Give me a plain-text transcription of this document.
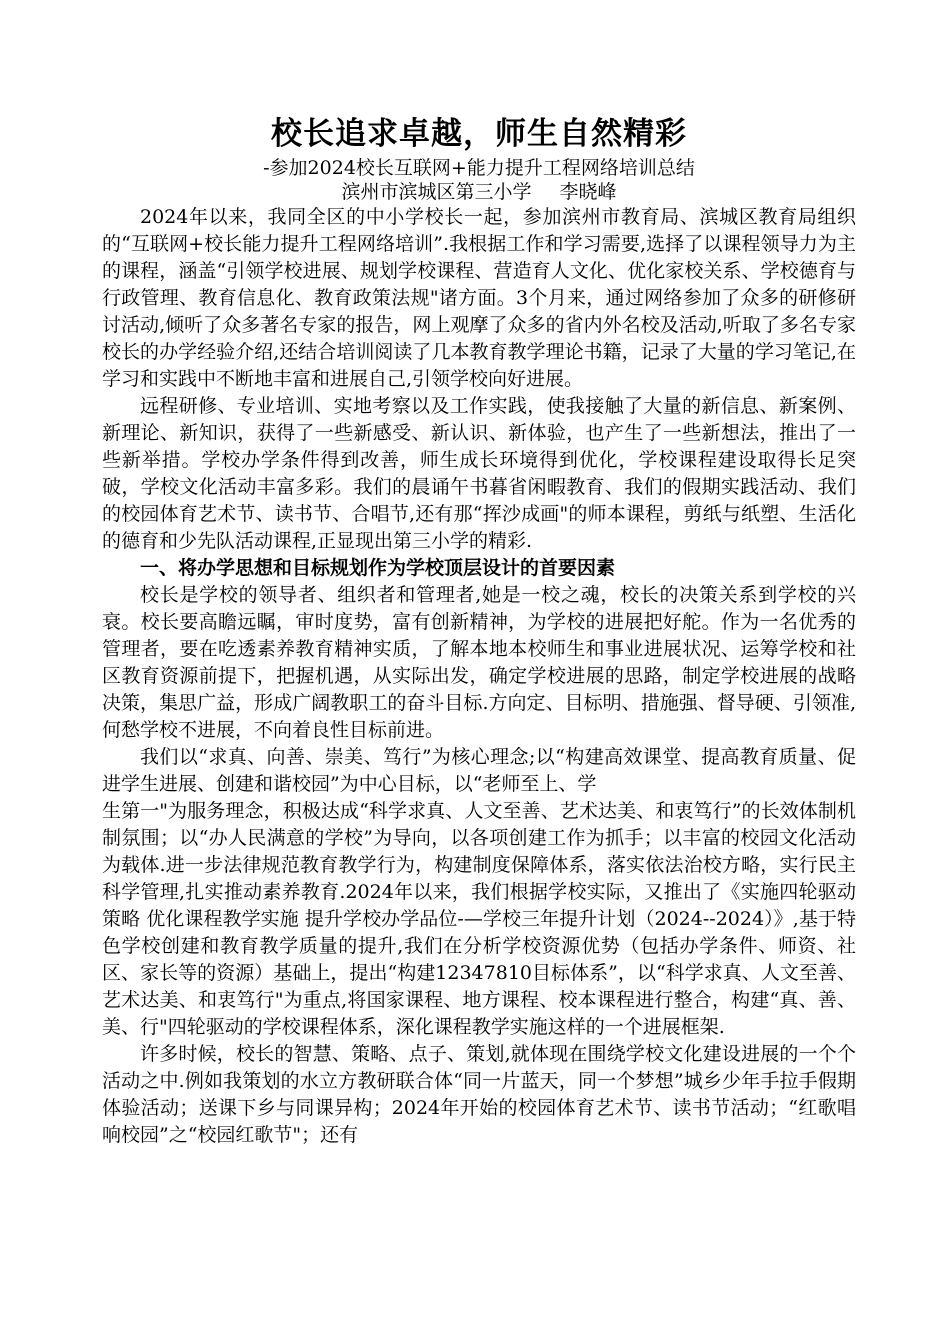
校长追求卓越，师生自然精彩

-参加2024校长互联网+能力提升工程网络培训总结

滨州市滨城区第三小学 李晓峰

2024年以来，我同全区的中小学校长一起，参加滨州市教育局、滨城区教育局组织的“互联网+校长能力提升工程网络培训”.我根据工作和学习需要,选择了以课程领导力为主的课程，涵盖“引领学校进展、规划学校课程、营造育人文化、优化家校关系、学校德育与行政管理、教育信息化、教育政策法规"诸方面。3个月来，通过网络参加了众多的研修研讨活动,倾听了众多著名专家的报告，网上观摩了众多的省内外名校及活动,听取了多名专家校长的办学经验介绍,还结合培训阅读了几本教育教学理论书籍，记录了大量的学习笔记,在学习和实践中不断地丰富和进展自己,引领学校向好进展。

远程研修、专业培训、实地考察以及工作实践，使我接触了大量的新信息、新案例、新理论、新知识，获得了一些新感受、新认识、新体验，也产生了一些新想法，推出了一些新举措。学校办学条件得到改善，师生成长环境得到优化，学校课程建设取得长足突破，学校文化活动丰富多彩。我们的晨诵午书暮省闲暇教育、我们的假期实践活动、我们的校园体育艺术节、读书节、合唱节,还有那“挥沙成画"的师本课程，剪纸与纸塑、生活化的德育和少先队活动课程,正显现出第三小学的精彩.

一、将办学思想和目标规划作为学校顶层设计的首要因素

校长是学校的领导者、组织者和管理者,她是一校之魂，校长的决策关系到学校的兴衰。校长要高瞻远瞩，审时度势，富有创新精神，为学校的进展把好舵。作为一名优秀的管理者，要在吃透素养教育精神实质，了解本地本校师生和事业进展状况、运筹学校和社区教育资源前提下，把握机遇，从实际出发，确定学校进展的思路，制定学校进展的战略决策，集思广益，形成广阔教职工的奋斗目标.方向定、目标明、措施强、督导硬、引领准,何愁学校不进展，不向着良性目标前进。

我们以“求真、向善、崇美、笃行”为核心理念;以“构建高效课堂、提高教育质量、促进学生进展、创建和谐校园”为中心目标，以“老师至上、学

生第一"为服务理念，积极达成“科学求真、人文至善、艺术达美、和衷笃行”的长效体制机制氛围；以“办人民满意的学校”为导向，以各项创建工作为抓手；以丰富的校园文化活动为载体.进一步法律规范教育教学行为，构建制度保障体系，落实依法治校方略，实行民主科学管理,扎实推动素养教育.2024年以来，我们根据学校实际，又推出了《实施四轮驱动策略 优化课程教学实施 提升学校办学品位-—学校三年提升计划（2024--2024）》,基于特色学校创建和教育教学质量的提升,我们在分析学校资源优势（包括办学条件、师资、社区、家长等的资源）基础上，提出“构建12347810目标体系”，以“科学求真、人文至善、艺术达美、和衷笃行"为重点,将国家课程、地方课程、校本课程进行整合，构建“真、善、美、行"四轮驱动的学校课程体系，深化课程教学实施这样的一个进展框架.

许多时候，校长的智慧、策略、点子、策划,就体现在围绕学校文化建设进展的一个个活动之中.例如我策划的水立方教研联合体“同一片蓝天，同一个梦想”城乡少年手拉手假期体验活动；送课下乡与同课异构；2024年开始的校园体育艺术节、读书节活动；“红歌唱响校园”之“校园红歌节"；还有
